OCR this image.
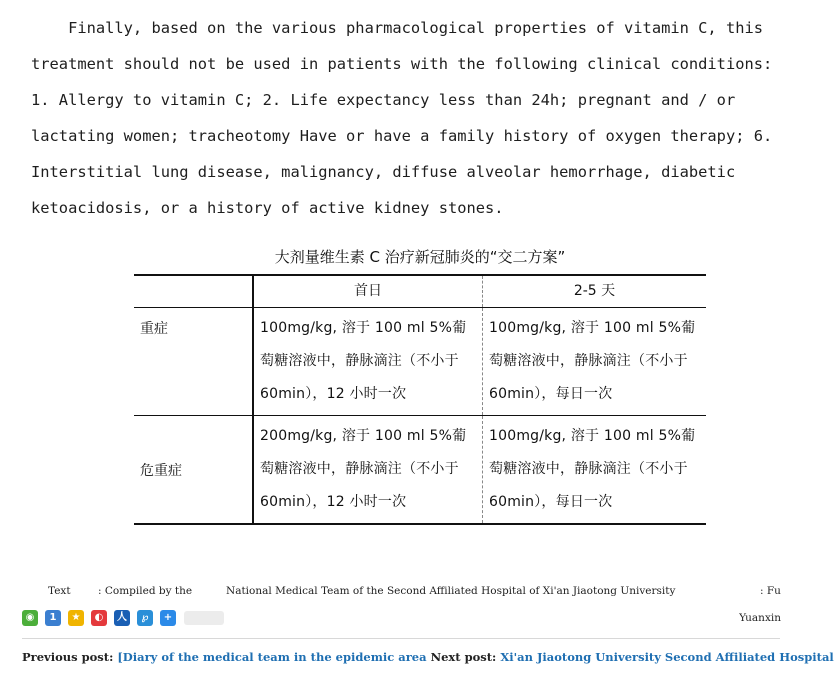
Finally, based on the various pharmacological properties of vitamin C, this
treatment should not be used in patients with the following clinical conditions:
1. Allergy to vitamin C; 2. Life expectancy less than 24h; pregnant and / or
lactating women; tracheotomy Have or have a family history of oxygen therapy; 6.
Interstitial lung disease, malignancy, diffuse alveolar hemorrhage, diabetic
ketoacidosis, or a history of active kidney stones.
大剂量维生素 C 治疗新冠肺炎的“交二方案”
	首日	2-5 天
重症	100mg/kg, 溶于 100 ml 5%葡萄糖溶液中，静脉滴注（不小于 60min），12 小时一次	100mg/kg, 溶于 100 ml 5%葡萄糖溶液中，静脉滴注（不小于 60min），每日一次
危重症	200mg/kg, 溶于 100 ml 5%葡萄糖溶液中，静脉滴注（不小于 60min），12 小时一次	100mg/kg, 溶于 100 ml 5%葡萄糖溶液中，静脉滴注（不小于 60min），每日一次
Text	: Compiled by the	National Medical Team of the Second Affiliated Hospital of Xi'an Jiaotong University	: Fu
Yuanxin
◉	1	★	◐	人	℘	+
Previous post: [Diary of the medical team in the epidemic area Next post: Xi'an Jiaotong University Second Affiliated Hospital
